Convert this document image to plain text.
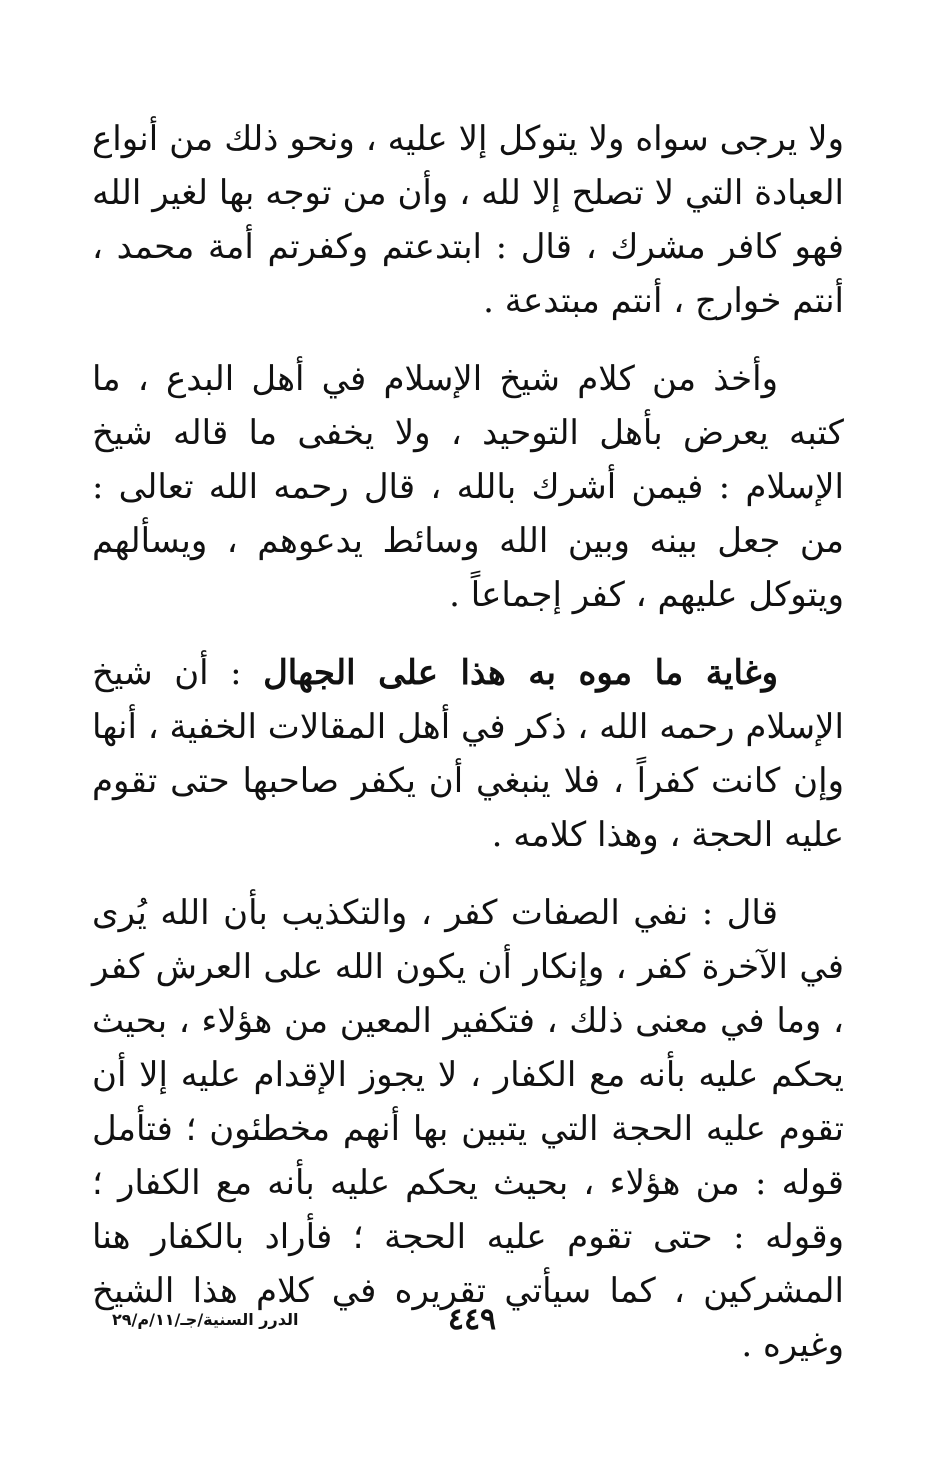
ولا يرجى سواه ولا يتوكل إلا عليه ، ونحو ذلك من أنواع العبادة التي لا تصلح إلا لله ، وأن من توجه بها لغير الله فهو كافر مشرك ، قال : ابتدعتم وكفرتم أمة محمد ، أنتم خوارج ، أنتم مبتدعة .

وأخذ من كلام شيخ الإسلام في أهل البدع ، ما كتبه يعرض بأهل التوحيد ، ولا يخفى ما قاله شيخ الإسلام : فيمن أشرك بالله ، قال رحمه الله تعالى : من جعل بينه وبين الله وسائط يدعوهم ، ويسألهم ويتوكل عليهم ، كفر إجماعاً .

وغاية ما موه به هذا على الجهال : أن شيخ الإسلام رحمه الله ، ذكر في أهل المقالات الخفية ، أنها وإن كانت كفراً ، فلا ينبغي أن يكفر صاحبها حتى تقوم عليه الحجة ، وهذا كلامه .

قال : نفي الصفات كفر ، والتكذيب بأن الله يُرى في الآخرة كفر ، وإنكار أن يكون الله على العرش كفر ، وما في معنى ذلك ، فتكفير المعين من هؤلاء ، بحيث يحكم عليه بأنه مع الكفار ، لا يجوز الإقدام عليه إلا أن تقوم عليه الحجة التي يتبين بها أنهم مخطئون ؛ فتأمل قوله : من هؤلاء ، بحيث يحكم عليه بأنه مع الكفار ؛ وقوله : حتى تقوم عليه الحجة ؛ فأراد بالكفار هنا المشركين ، كما سيأتي تقريره في كلام هذا الشيخ وغيره .

٤٤٩
الدرر السنية/جـ/١١/م/٢٩
